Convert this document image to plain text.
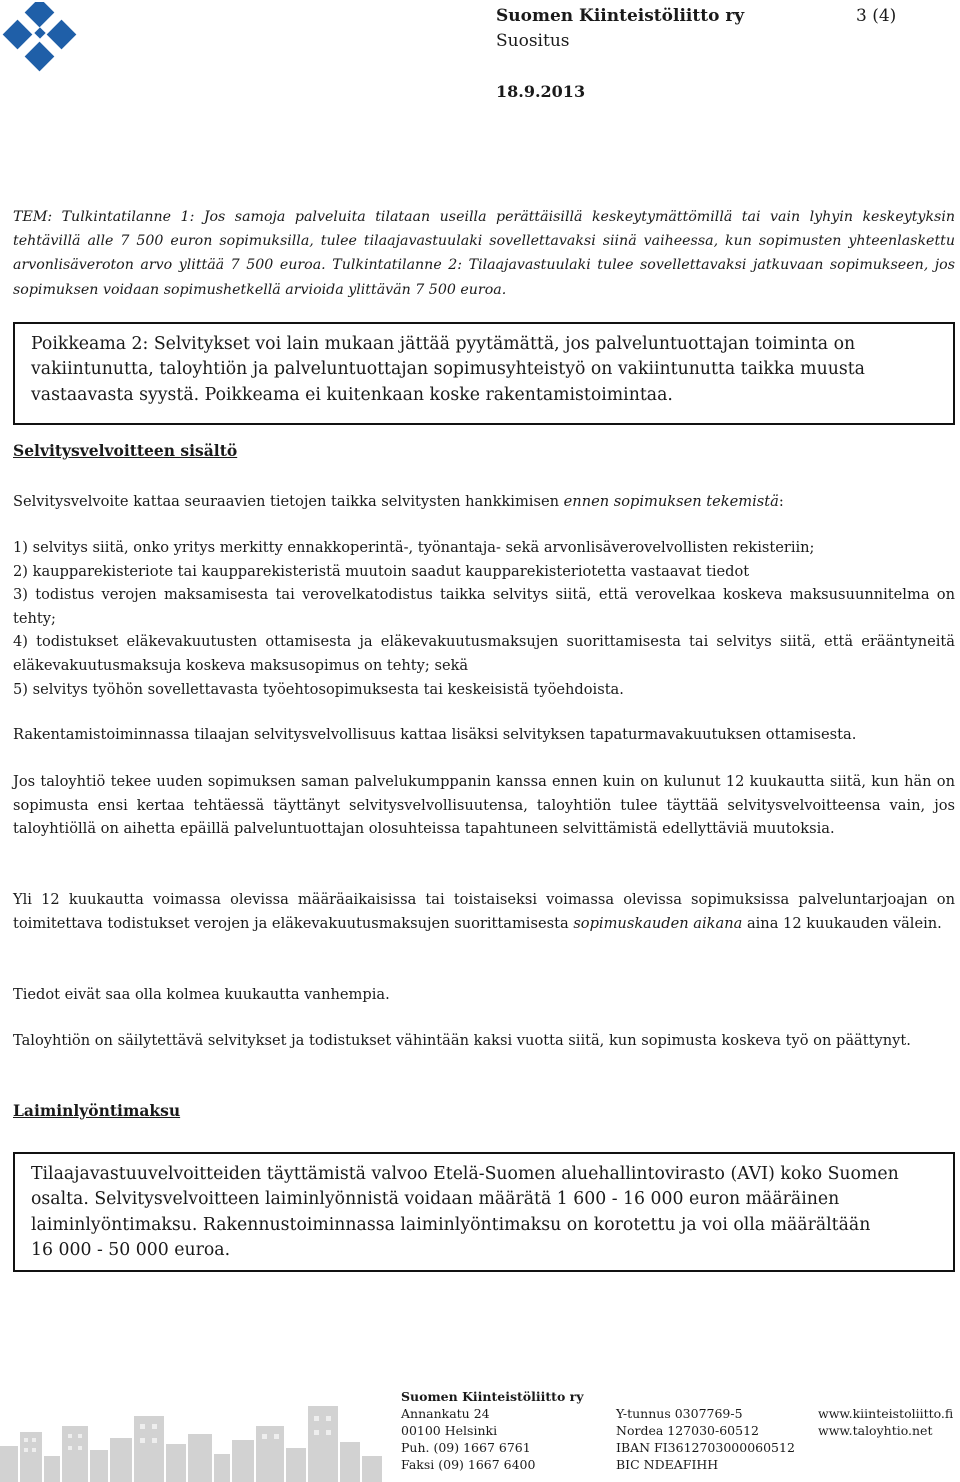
Suomen Kiinteistöliitto ry	3 (4)
Suositus
18.9.2013
TEM: Tulkintatilanne 1: Jos samoja palveluita tilataan useilla perättäisillä keskeytymättömillä tai vain lyhyin keskeytyksin tehtävillä alle 7 500 euron sopimuksilla, tulee tilaajavastuulaki sovellettavaksi siinä vaiheessa, kun sopimusten yhteenlaskettu arvonlisäveroton arvo ylittää 7 500 euroa. Tulkintatilanne 2: Tilaajavastuulaki tulee sovellettavaksi jatkuvaan sopimukseen, jos sopimuksen voidaan sopimushetkellä arvioida ylittävän 7 500 euroa.
Poikkeama 2: Selvitykset voi lain mukaan jättää pyytämättä, jos palveluntuottajan toiminta on vakiintunutta, taloyhtiön ja palveluntuottajan sopimusyhteistyö on vakiintunutta taikka muusta vastaavasta syystä. Poikkeama ei kuitenkaan koske rakentamistoimintaa.
Selvitysvelvoitteen sisältö
Selvitysvelvoite kattaa seuraavien tietojen taikka selvitysten hankkimisen ennen sopimuksen tekemistä:
1) selvitys siitä, onko yritys merkitty ennakkoperintä-, työnantaja- sekä arvonlisäverovelvollisten rekisteriin;
2) kaupparekisteriote tai kaupparekisteristä muutoin saadut kaupparekisteriotetta vastaavat tiedot
3) todistus verojen maksamisesta tai verovelkatodistus taikka selvitys siitä, että verovelkaa koskeva maksusuunnitelma on tehty;
4) todistukset eläkevakuutusten ottamisesta ja eläkevakuutusmaksujen suorittamisesta tai selvitys siitä, että erääntyneitä eläkevakuutusmaksuja koskeva maksusopimus on tehty; sekä
5) selvitys työhön sovellettavasta työehtosopimuksesta tai keskeisistä työehdoista.
Rakentamistoiminnassa tilaajan selvitysvelvollisuus kattaa lisäksi selvityksen tapaturmavakuutuksen ottamisesta.
Jos taloyhtiö tekee uuden sopimuksen saman palvelukumppanin kanssa ennen kuin on kulunut 12 kuukautta siitä, kun hän on sopimusta ensi kertaa tehtäessä täyttänyt selvitysvelvollisuutensa, taloyhtiön tulee täyttää selvitysvelvoitteensa vain, jos taloyhtiöllä on aihetta epäillä palveluntuottajan olosuhteissa tapahtuneen selvittämistä edellyttäviä muutoksia.
Yli 12 kuukautta voimassa olevissa määräaikaisissa tai toistaiseksi voimassa olevissa sopimuksissa palveluntarjoajan on toimitettava todistukset verojen ja eläkevakuutusmaksujen suorittamisesta sopimuskauden aikana aina 12 kuukauden välein.
Tiedot eivät saa olla kolmea kuukautta vanhempia.
Taloyhtiön on säilytettävä selvitykset ja todistukset vähintään kaksi vuotta siitä, kun sopimusta koskeva työ on päättynyt.
Laiminlyöntimaksu
Tilaajavastuuvelvoitteiden täyttämistä valvoo Etelä-Suomen aluehallintovirasto (AVI) koko Suomen
osalta. Selvitysvelvoitteen laiminlyönnistä voidaan määrätä 1 600 - 16 000 euron määräinen
laiminlyöntimaksu. Rakennustoiminnassa laiminlyöntimaksu on korotettu ja voi olla määrältään
16 000 - 50 000 euroa.
Suomen Kiinteistöliitto ry
Annankatu 24
00100 Helsinki
Puh. (09) 1667 6761
Faksi (09) 1667 6400
Y-tunnus 0307769-5
Nordea 127030-60512
IBAN FI3612703000060512
BIC NDEAFIHH
www.kiinteistoliitto.fi
www.taloyhtio.net
